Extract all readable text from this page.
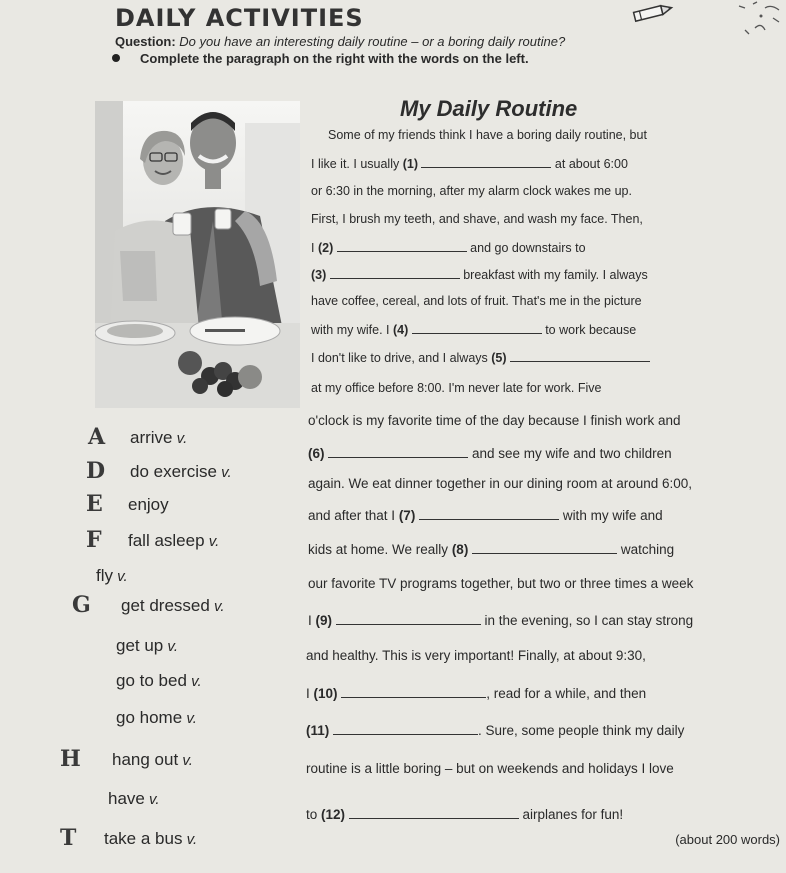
DAILY ACTIVITIES
Question: Do you have an interesting daily routine – or a boring daily routine?
Complete the paragraph on the right with the words on the left.
My Daily Routine
Some of my friends think I have a boring daily routine, but
I like it. I usually (1)	at about 6:00
or 6:30 in the morning, after my alarm clock wakes me up.
First, I brush my teeth, and shave, and wash my face. Then,
I (2)	and go downstairs to
(3)	breakfast with my family. I always
have coffee, cereal, and lots of fruit. That's me in the picture
with my wife. I (4)	to work because
I don't like to drive, and I always (5)
at my office before 8:00. I'm never late for work. Five
o'clock is my favorite time of the day because I finish work and
(6)	and see my wife and two children
again. We eat dinner together in our dining room at around 6:00,
and after that I (7)	with my wife and
kids at home. We really (8)	watching
our favorite TV programs together, but two or three times a week
I (9)	in the evening, so I can stay strong
and healthy. This is very important! Finally, at about 9:30,
I (10)	, read for a while, and then
(11)	. Sure, some people think my daily
routine is a little boring – but on weekends and holidays I love
to (12)	airplanes for fun!
A arrive v.
D do exercise v.
E enjoy
F fall asleep v.
fly v.
G get dressed v.
get up v.
go to bed v.
go home v.
H hang out v.
have v.
T take a bus v.	(about 200 words)
